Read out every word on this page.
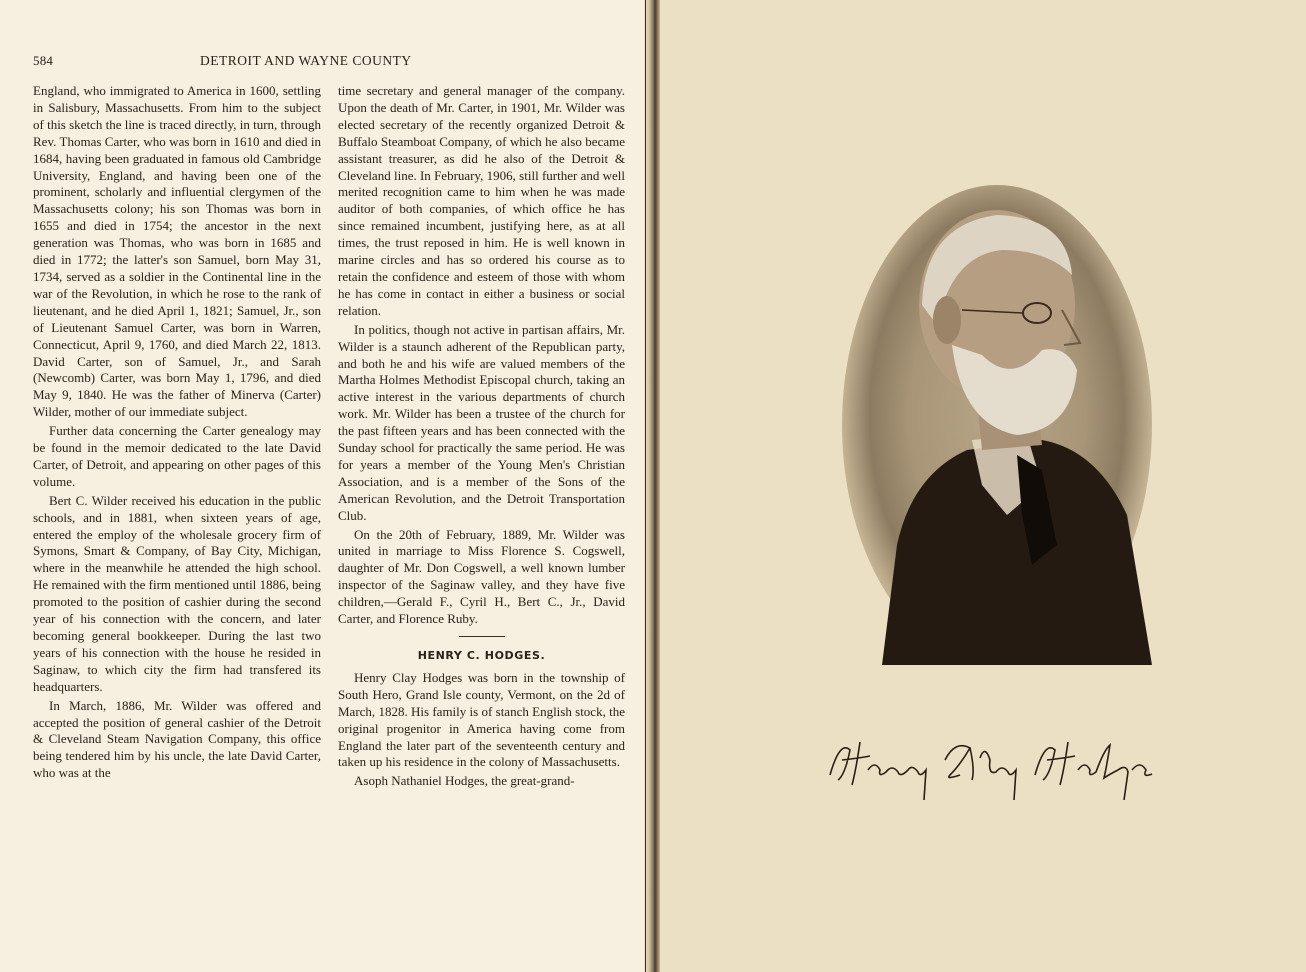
584	DETROIT AND WAYNE COUNTY

England, who immigrated to America in 1600, settling in Salisbury, Massachusetts. From him to the subject of this sketch the line is traced directly, in turn, through Rev. Thomas Carter, who was born in 1610 and died in 1684, having been graduated in famous old Cambridge University, England, and having been one of the prominent, scholarly and influential clergymen of the Massachusetts colony; his son Thomas was born in 1655 and died in 1754; the ancestor in the next generation was Thomas, who was born in 1685 and died in 1772; the latter's son Samuel, born May 31, 1734, served as a soldier in the Continental line in the war of the Revolution, in which he rose to the rank of lieutenant, and he died April 1, 1821; Samuel, Jr., son of Lieutenant Samuel Carter, was born in Warren, Connecticut, April 9, 1760, and died March 22, 1813. David Carter, son of Samuel, Jr., and Sarah (Newcomb) Carter, was born May 1, 1796, and died May 9, 1840. He was the father of Minerva (Carter) Wilder, mother of our immediate subject.

Further data concerning the Carter genealogy may be found in the memoir dedicated to the late David Carter, of Detroit, and appearing on other pages of this volume.

Bert C. Wilder received his education in the public schools, and in 1881, when sixteen years of age, entered the employ of the wholesale grocery firm of Symons, Smart & Company, of Bay City, Michigan, where in the meanwhile he attended the high school. He remained with the firm mentioned until 1886, being promoted to the position of cashier during the second year of his connection with the concern, and later becoming general bookkeeper. During the last two years of his connection with the house he resided in Saginaw, to which city the firm had transfered its headquarters.

In March, 1886, Mr. Wilder was offered and accepted the position of general cashier of the Detroit & Cleveland Steam Navigation Company, this office being tendered him by his uncle, the late David Carter, who was at the

time secretary and general manager of the company. Upon the death of Mr. Carter, in 1901, Mr. Wilder was elected secretary of the recently organized Detroit & Buffalo Steamboat Company, of which he also became assistant treasurer, as did he also of the Detroit & Cleveland line. In February, 1906, still further and well merited recognition came to him when he was made auditor of both companies, of which office he has since remained incumbent, justifying here, as at all times, the trust reposed in him. He is well known in marine circles and has so ordered his course as to retain the confidence and esteem of those with whom he has come in contact in either a business or social relation.

In politics, though not active in partisan affairs, Mr. Wilder is a staunch adherent of the Republican party, and both he and his wife are valued members of the Martha Holmes Methodist Episcopal church, taking an active interest in the various departments of church work. Mr. Wilder has been a trustee of the church for the past fifteen years and has been connected with the Sunday school for practically the same period. He was for years a member of the Young Men's Christian Association, and is a member of the Sons of the American Revolution, and the Detroit Transportation Club.

On the 20th of February, 1889, Mr. Wilder was united in marriage to Miss Florence S. Cogswell, daughter of Mr. Don Cogswell, a well known lumber inspector of the Saginaw valley, and they have five children,—Gerald F., Cyril H., Bert C., Jr., David Carter, and Florence Ruby.

HENRY C. HODGES.

Henry Clay Hodges was born in the township of South Hero, Grand Isle county, Vermont, on the 2d of March, 1828. His family is of stanch English stock, the original progenitor in America having come from England the later part of the seventeenth century and taken up his residence in the colony of Massachusetts.

Asoph Nathaniel Hodges, the great-grand-
